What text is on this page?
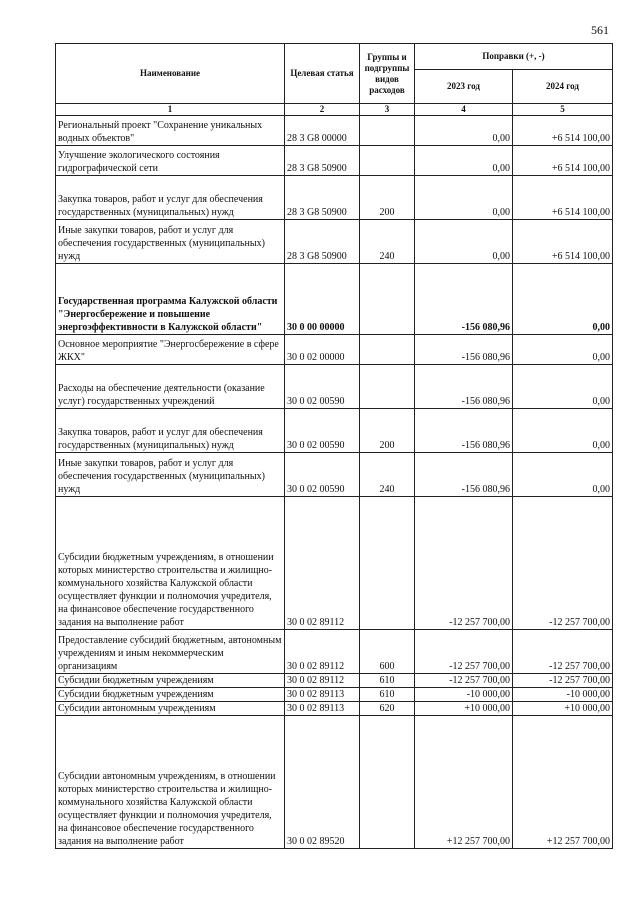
561
Наименование	Целевая статья	Группы и подгруппы видов расходов	Поправки (+, -)	
			2023 год	2024 год
1	2	3	4	5
Региональный проект "Сохранение уникальных водных объектов"	28 3 G8 00000		0,00	+6 514 100,00
Улучшение экологического состояния гидрографической сети	28 3 G8 50900		0,00	+6 514 100,00
Закупка товаров, работ и услуг для обеспечения государственных (муниципальных) нужд	28 3 G8 50900	200	0,00	+6 514 100,00
Иные закупки товаров, работ и услуг для обеспечения государственных (муниципальных) нужд	28 3 G8 50900	240	0,00	+6 514 100,00
Государственная программа Калужской области "Энергосбережение и повышение энергоэффективности в Калужской области"	30 0 00 00000		-156 080,96	0,00
Основное мероприятие "Энергосбережение в сфере ЖКХ"	30 0 02 00000		-156 080,96	0,00
Расходы на обеспечение деятельности (оказание услуг) государственных учреждений	30 0 02 00590		-156 080,96	0,00
Закупка товаров, работ и услуг для обеспечения государственных (муниципальных) нужд	30 0 02 00590	200	-156 080,96	0,00
Иные закупки товаров, работ и услуг для обеспечения государственных (муниципальных) нужд	30 0 02 00590	240	-156 080,96	0,00
Субсидии бюджетным учреждениям, в отношении которых министерство строительства и жилищно-коммунального хозяйства Калужской области осуществляет функции и полномочия учредителя, на финансовое обеспечение государственного задания на выполнение работ	30 0 02 89112		-12 257 700,00	-12 257 700,00
Предоставление субсидий бюджетным, автономным учреждениям и иным некоммерческим организациям	30 0 02 89112	600	-12 257 700,00	-12 257 700,00
Субсидии бюджетным учреждениям	30 0 02 89112	610	-12 257 700,00	-12 257 700,00
Субсидии бюджетным учреждениям	30 0 02 89113	610	-10 000,00	-10 000,00
Субсидии автономным учреждениям	30 0 02 89113	620	+10 000,00	+10 000,00
Субсидии автономным учреждениям, в отношении которых министерство строительства и жилищно-коммунального хозяйства Калужской области осуществляет функции и полномочия учредителя, на финансовое обеспечение государственного задания на выполнение работ	30 0 02 89520		+12 257 700,00	+12 257 700,00
